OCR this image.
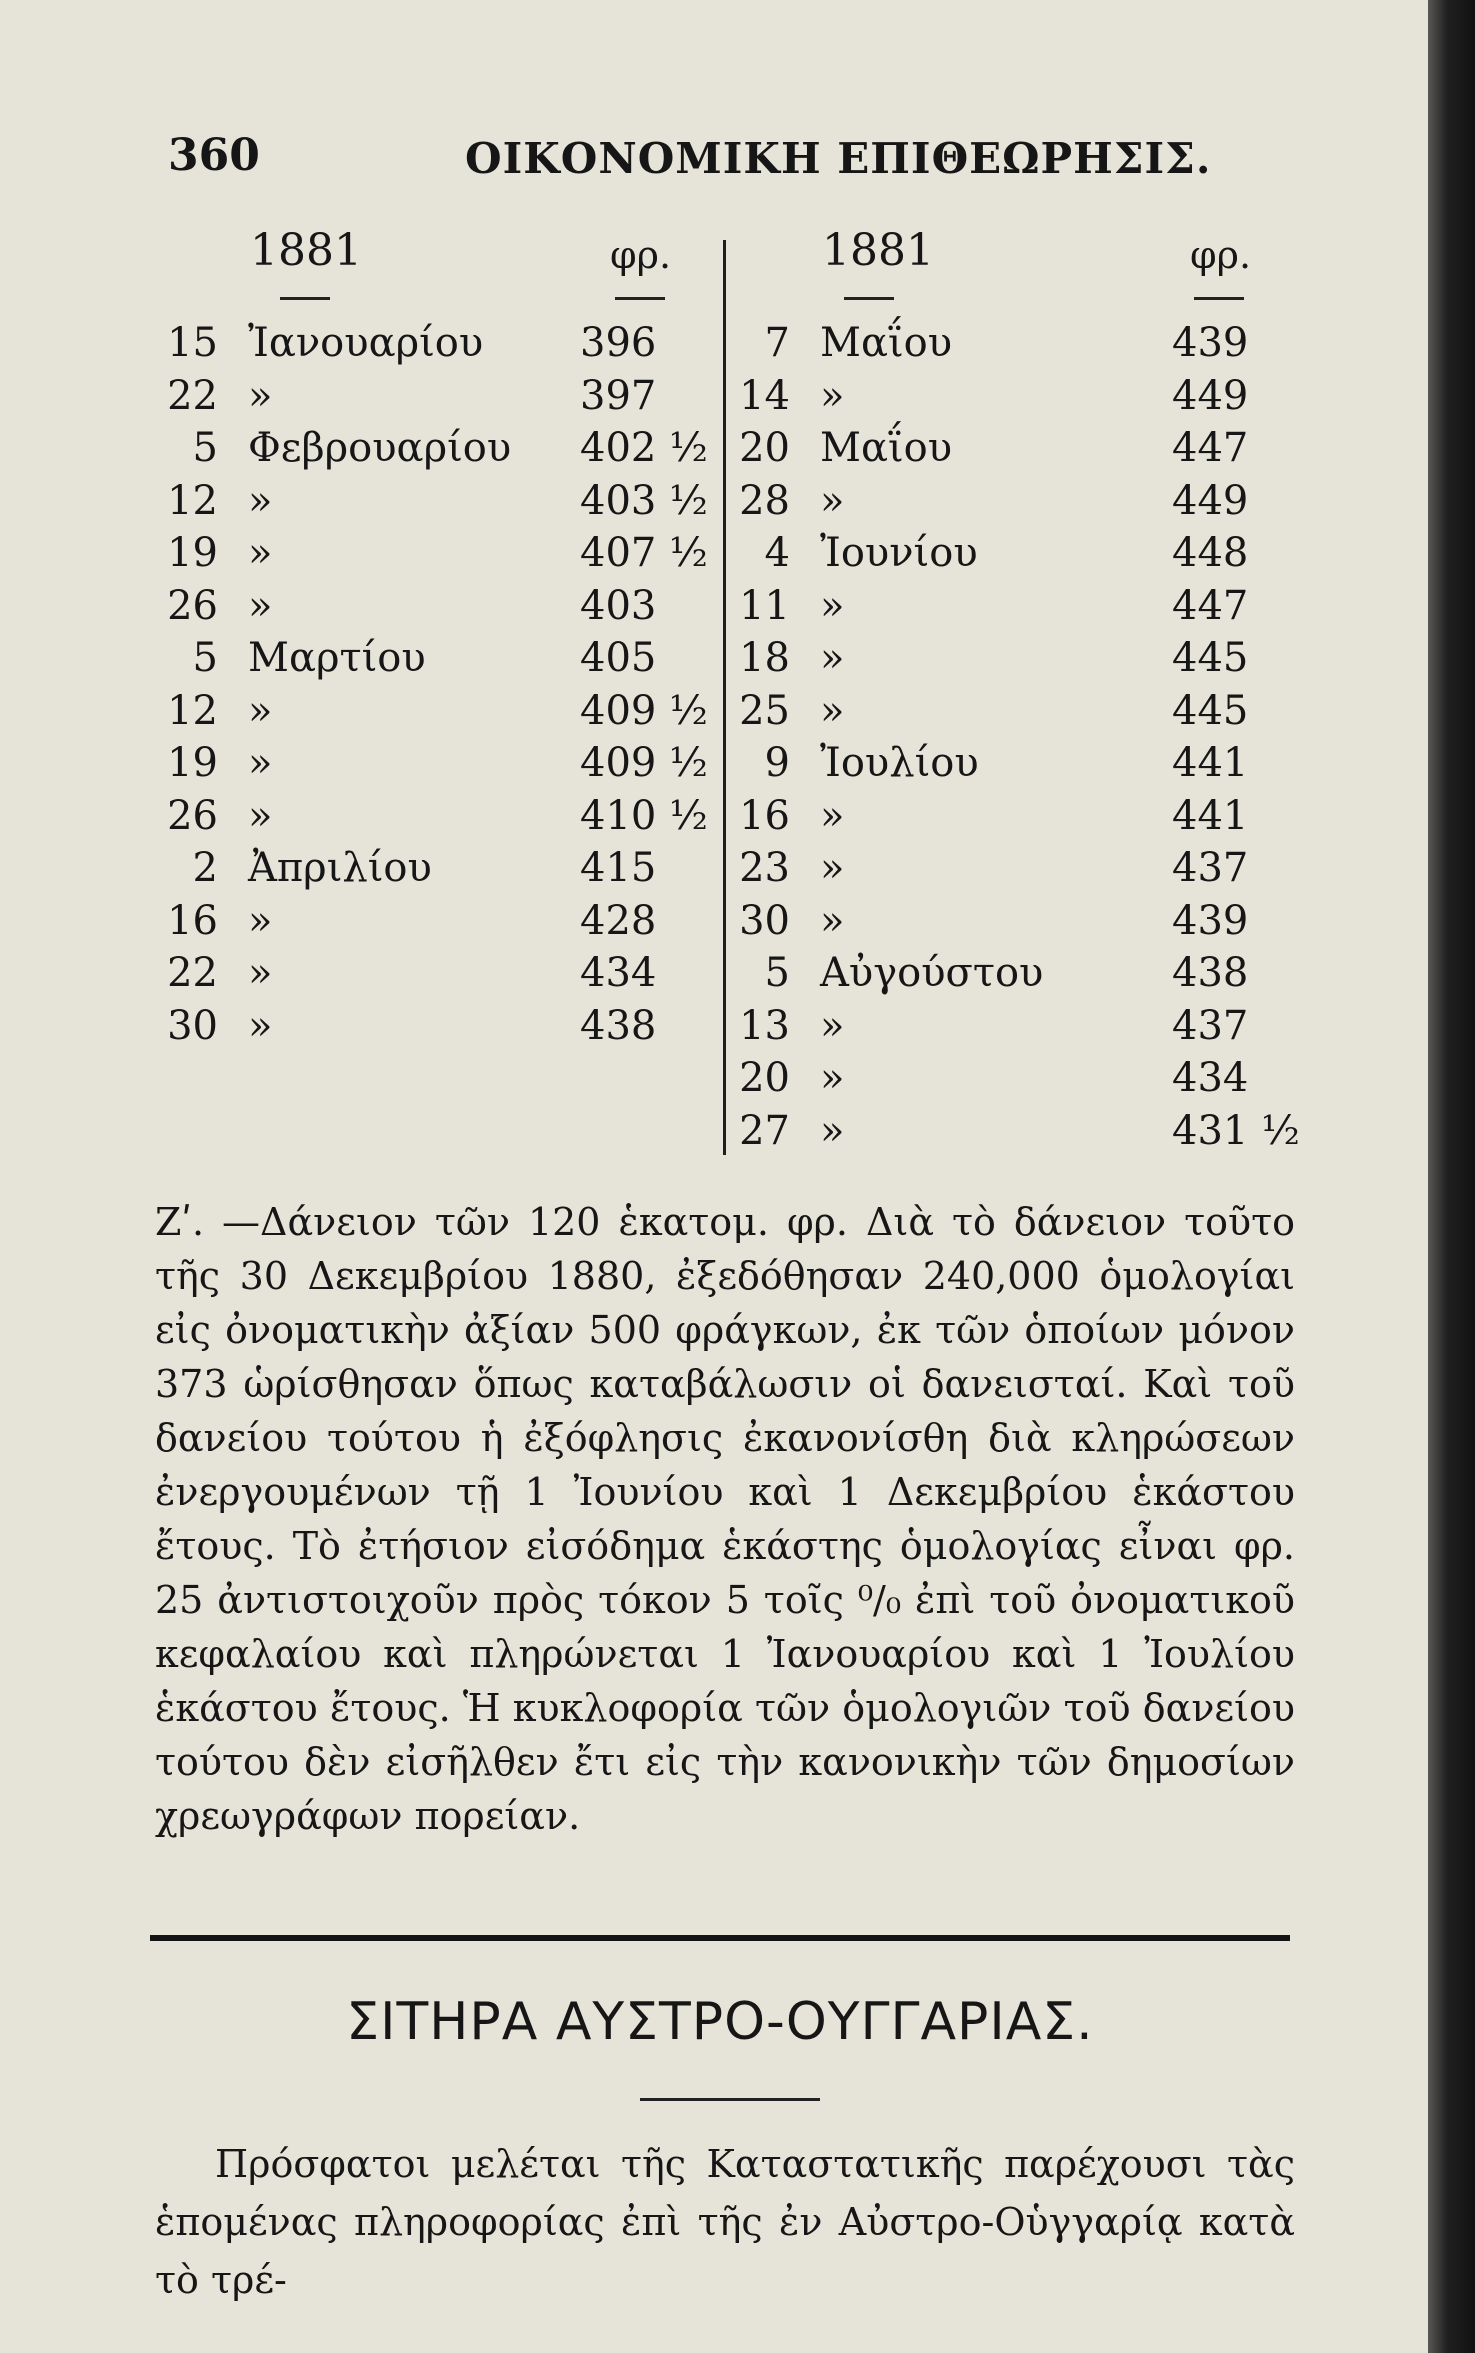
360	ΟΙΚΟΝΟΜΙΚΗ ΕΠΙΘΕΩΡΗΣΙΣ.
1881	φρ.
15 Ἰανουαρίου	396
22 »	397
5 Φεβρουαρίου 402 ½
12 »	403 ½
19 »	407 ½
26 »	403
5 Μαρτίου	405
12 »	409 ½
19 »	409 ½
26 »	410 ½
2 Ἀπριλίου	415
16 »	428
22 »	434
30 »	438
1881	φρ.
7 Μαΐου	439
14 »	449
20 Μαΐου	447
28 »	449
4 Ἰουνίου	448
11 »	447
18 »	445
25 »	445
9 Ἰουλίου	441
16 »	441
23 »	437
30 »	439
5 Αὐγούστου	438
13 »	437
20 »	434
27 »	431 ½

Ζʹ. —Δάνειον τῶν 120 ἑκατομ. φρ. Διὰ τὸ δάνειον τοῦτο τῆς 30 Δεκεμβρίου 1880, ἐξεδόθησαν 240,000 ὁμολογίαι εἰς ὀνοματικὴν ἀξίαν 500 φράγκων, ἐκ τῶν ὁποίων μόνον 373 ὡρίσθησαν ὅπως καταβάλωσιν οἱ δανεισταί. Καὶ τοῦ δανείου τούτου ἡ ἐξόφλησις ἐκανονίσθη διὰ κληρώσεων ἐνεργουμένων τῇ 1 Ἰουνίου καὶ 1 Δεκεμβρίου ἑκάστου ἔτους. Τὸ ἐτήσιον εἰσόδημα ἑκάστης ὁμολογίας εἶναι φρ. 25 ἀντιστοιχοῦν πρὸς τόκον 5 τοῖς ⁰/₀ ἐπὶ τοῦ ὀνοματικοῦ κεφαλαίου καὶ πληρώνεται 1 Ἰανουαρίου καὶ 1 Ἰουλίου ἑκάστου ἔτους. Ἡ κυκλοφορία τῶν ὁμολογιῶν τοῦ δανείου τούτου δὲν εἰσῆλθεν ἔτι εἰς τὴν κανονικὴν τῶν δημοσίων χρεωγράφων πορείαν.

ΣΙΤΗΡΑ ΑΥΣΤΡΟ-ΟΥΓΓΑΡΙΑΣ.

Πρόσφατοι μελέται τῆς Καταστατικῆς παρέχουσι τὰς ἑπομένας πληροφορίας ἐπὶ τῆς ἐν Αὐστρο-Οὑγγαρίᾳ κατὰ τὸ τρέ-
